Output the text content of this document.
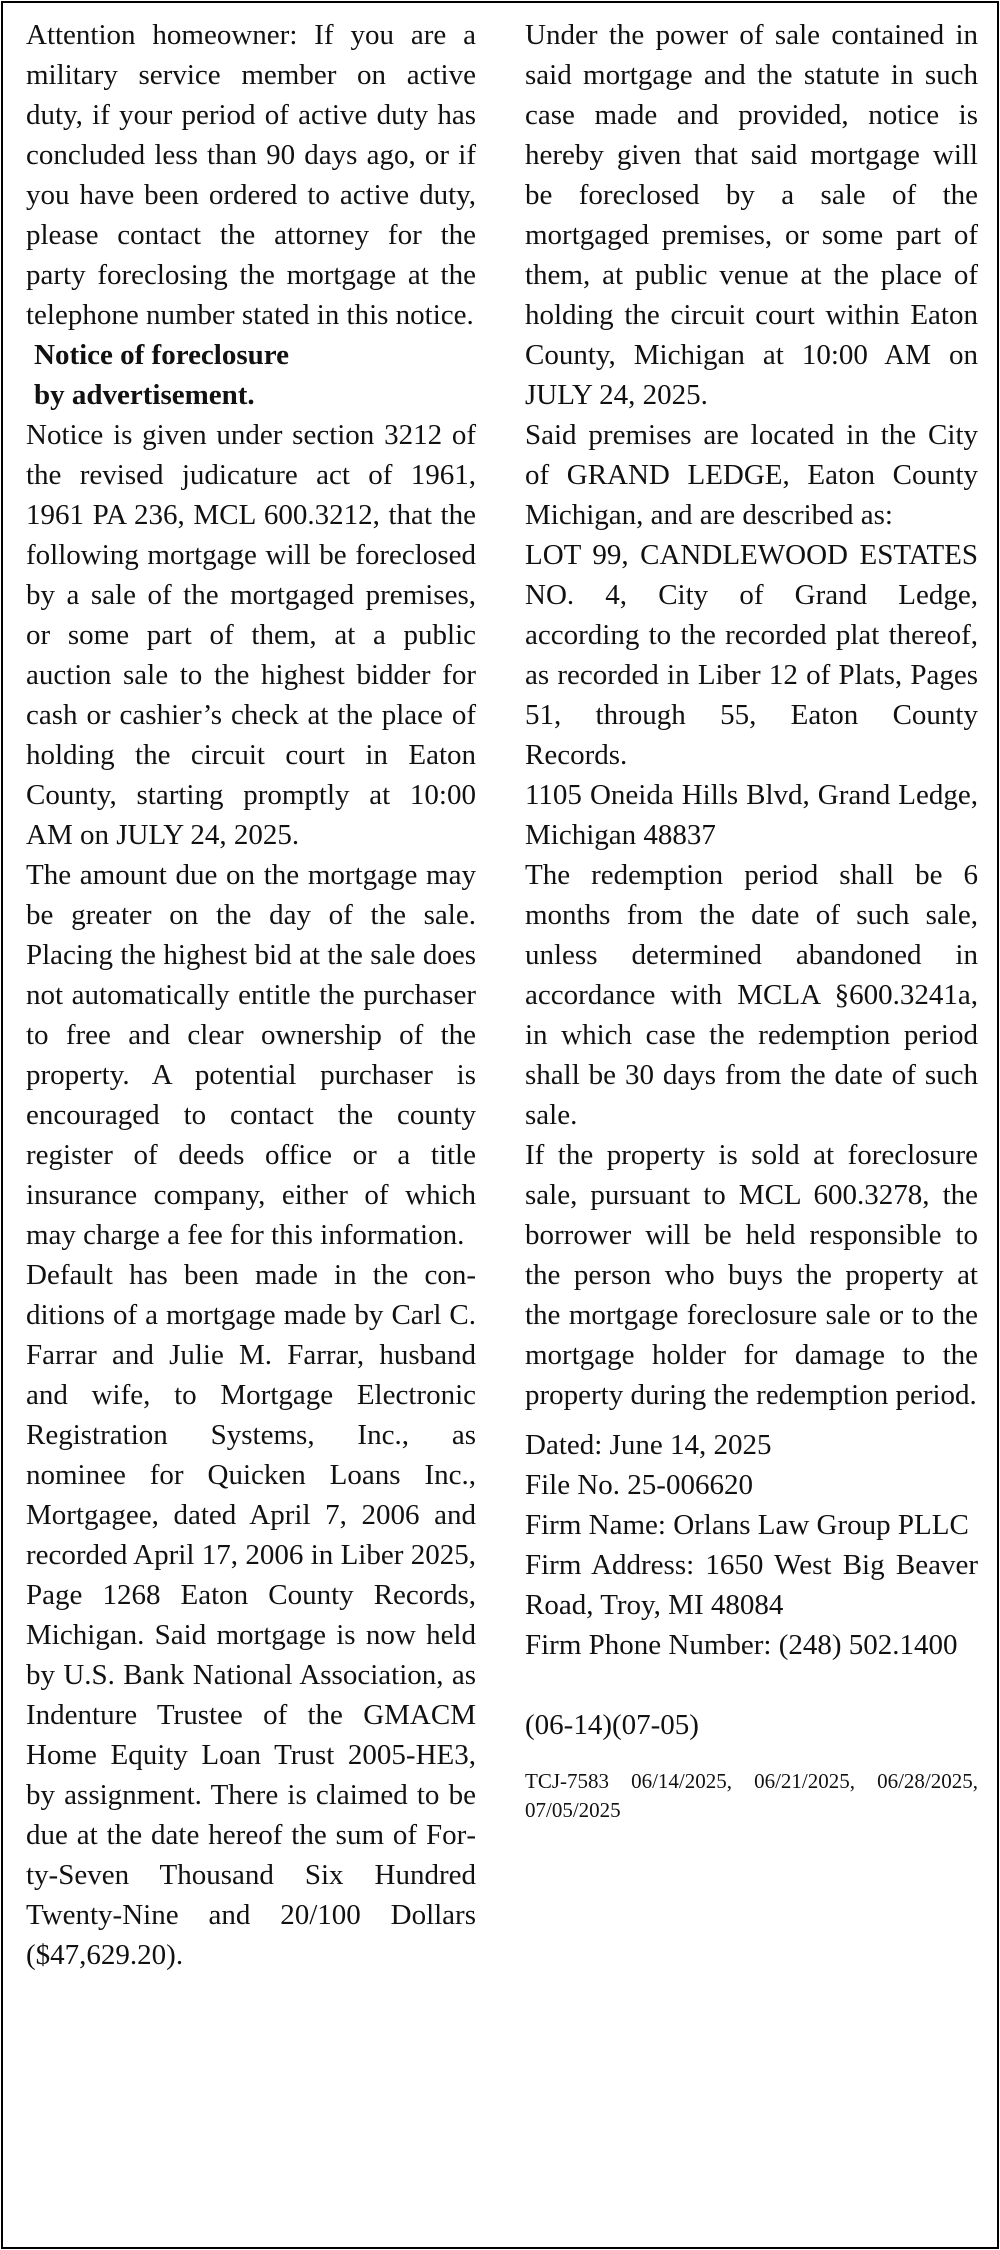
Attention homeowner: If you are a military service member on active duty, if your period of active duty has concluded less than 90 days ago, or if you have been ordered to active duty, please contact the attorney for the party foreclosing the mortgage at the telephone number stated in this notice.

Notice of foreclosure

by advertisement.

Notice is given under section 3212 of the revised judicature act of 1961, 1961 PA 236, MCL 600.3212, that the following mortgage will be foreclosed by a sale of the mortgaged premises, or some part of them, at a public auction sale to the highest bidder for cash or cashier’s check at the place of holding the circuit court in Eaton County, starting promptly at 10:00 AM on JULY 24, 2025.

The amount due on the mortgage may be greater on the day of the sale. Placing the highest bid at the sale does not automatically entitle the purchaser to free and clear ownership of the property. A potential purchaser is encouraged to contact the county register of deeds office or a title insurance company, either of which may charge a fee for this information.

Default has been made in the conditions of a mortgage made by Carl C. Farrar and Julie M. Farrar, husband and wife, to Mortgage Electronic Registration Systems, Inc., as nominee for Quicken Loans Inc., Mortgagee, dated April 7, 2006 and recorded April 17, 2006 in Liber 2025, Page 1268 Eaton County Records, Michigan. Said mortgage is now held by U.S. Bank National Association, as Indenture Trustee of the GMACM Home Equity Loan Trust 2005-HE3, by assignment. There is claimed to be due at the date hereof the sum of Forty-Seven Thousand Six Hundred Twenty-Nine and 20/100 Dollars ($47,629.20).

Under the power of sale contained in said mortgage and the statute in such case made and provided, notice is hereby given that said mortgage will be foreclosed by a sale of the mortgaged premises, or some part of them, at public venue at the place of holding the circuit court within Eaton County, Michigan at 10:00 AM on JULY 24, 2025.

Said premises are located in the City of GRAND LEDGE, Eaton County Michigan, and are described as:

LOT 99, CANDLEWOOD ESTATES NO. 4, City of Grand Ledge, according to the recorded plat thereof, as recorded in Liber 12 of Plats, Pages 51, through 55, Eaton County Records.

1105 Oneida Hills Blvd, Grand Ledge, Michigan 48837

The redemption period shall be 6 months from the date of such sale, unless determined abandoned in accordance with MCLA §600.3241a, in which case the redemption period shall be 30 days from the date of such sale.

If the property is sold at foreclosure sale, pursuant to MCL 600.3278, the borrower will be held responsible to the person who buys the property at the mortgage foreclosure sale or to the mortgage holder for damage to the property during the redemption period.

Dated: June 14, 2025

File No. 25-006620

Firm Name: Orlans Law Group PLLC

Firm Address: 1650 West Big Beaver Road, Troy, MI 48084

Firm Phone Number: (248) 502.1400

(06-14)(07-05)

TCJ-7583 06/14/2025, 06/21/2025, 06/28/2025, 07/05/2025
